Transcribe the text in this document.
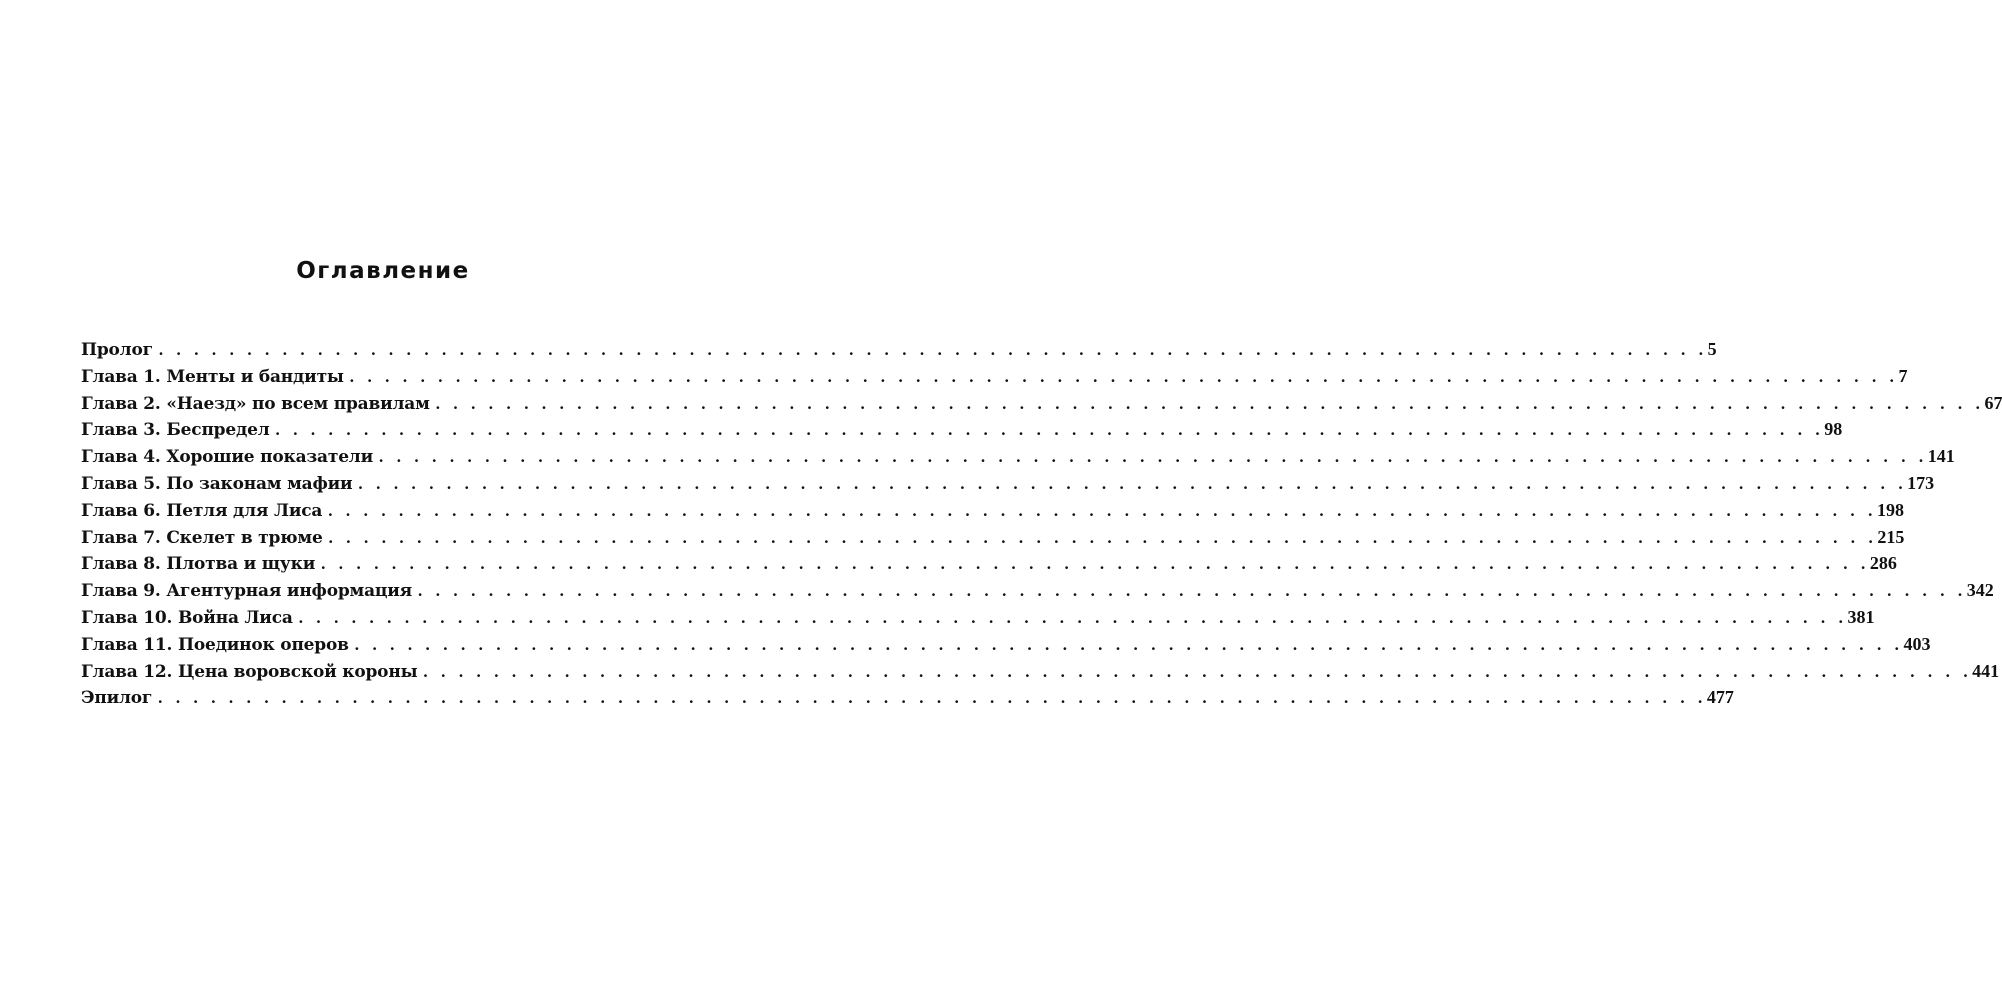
Оглавление
Пролог . . . . . . . . . . . . . . . . . . . . . . . . . . . . . . . . . . . . . . . . . . . . . . . . . . . . . . . . . . . . . . . . . . . . . . . . . . . . . . . . . . . . . . . . 5
Глава 1. Менты и бандиты . . . . . . . . . . . . . . . . . . . . . . . . . . . . . . . . . . . . . . . . . . . . . . . . . . . . . . . . . . . . . . . . . . . . . . . . . . . . . . . . . . . . . . . . 7
Глава 2. «Наезд» по всем правилам . . . . . . . . . . . . . . . . . . . . . . . . . . . . . . . . . . . . . . . . . . . . . . . . . . . . . . . . . . . . . . . . . . . . . . . . . . . . . . . . . . . . . . . . 67
Глава 3. Беспредел . . . . . . . . . . . . . . . . . . . . . . . . . . . . . . . . . . . . . . . . . . . . . . . . . . . . . . . . . . . . . . . . . . . . . . . . . . . . . . . . . . . . . . . . 98
Глава 4. Хорошие показатели . . . . . . . . . . . . . . . . . . . . . . . . . . . . . . . . . . . . . . . . . . . . . . . . . . . . . . . . . . . . . . . . . . . . . . . . . . . . . . . . . . . . . . . . 141
Глава 5. По законам мафии . . . . . . . . . . . . . . . . . . . . . . . . . . . . . . . . . . . . . . . . . . . . . . . . . . . . . . . . . . . . . . . . . . . . . . . . . . . . . . . . . . . . . . . . 173
Глава 6. Петля для Лиса . . . . . . . . . . . . . . . . . . . . . . . . . . . . . . . . . . . . . . . . . . . . . . . . . . . . . . . . . . . . . . . . . . . . . . . . . . . . . . . . . . . . . . . . 198
Глава 7. Скелет в трюме . . . . . . . . . . . . . . . . . . . . . . . . . . . . . . . . . . . . . . . . . . . . . . . . . . . . . . . . . . . . . . . . . . . . . . . . . . . . . . . . . . . . . . . . 215
Глава 8. Плотва и щуки . . . . . . . . . . . . . . . . . . . . . . . . . . . . . . . . . . . . . . . . . . . . . . . . . . . . . . . . . . . . . . . . . . . . . . . . . . . . . . . . . . . . . . . . 286
Глава 9. Агентурная информация . . . . . . . . . . . . . . . . . . . . . . . . . . . . . . . . . . . . . . . . . . . . . . . . . . . . . . . . . . . . . . . . . . . . . . . . . . . . . . . . . . . . . . . . 342
Глава 10. Война Лиса . . . . . . . . . . . . . . . . . . . . . . . . . . . . . . . . . . . . . . . . . . . . . . . . . . . . . . . . . . . . . . . . . . . . . . . . . . . . . . . . . . . . . . . . 381
Глава 11. Поединок оперов . . . . . . . . . . . . . . . . . . . . . . . . . . . . . . . . . . . . . . . . . . . . . . . . . . . . . . . . . . . . . . . . . . . . . . . . . . . . . . . . . . . . . . . . 403
Глава 12. Цена воровской короны . . . . . . . . . . . . . . . . . . . . . . . . . . . . . . . . . . . . . . . . . . . . . . . . . . . . . . . . . . . . . . . . . . . . . . . . . . . . . . . . . . . . . . . . 441
Эпилог . . . . . . . . . . . . . . . . . . . . . . . . . . . . . . . . . . . . . . . . . . . . . . . . . . . . . . . . . . . . . . . . . . . . . . . . . . . . . . . . . . . . . . . . 477
